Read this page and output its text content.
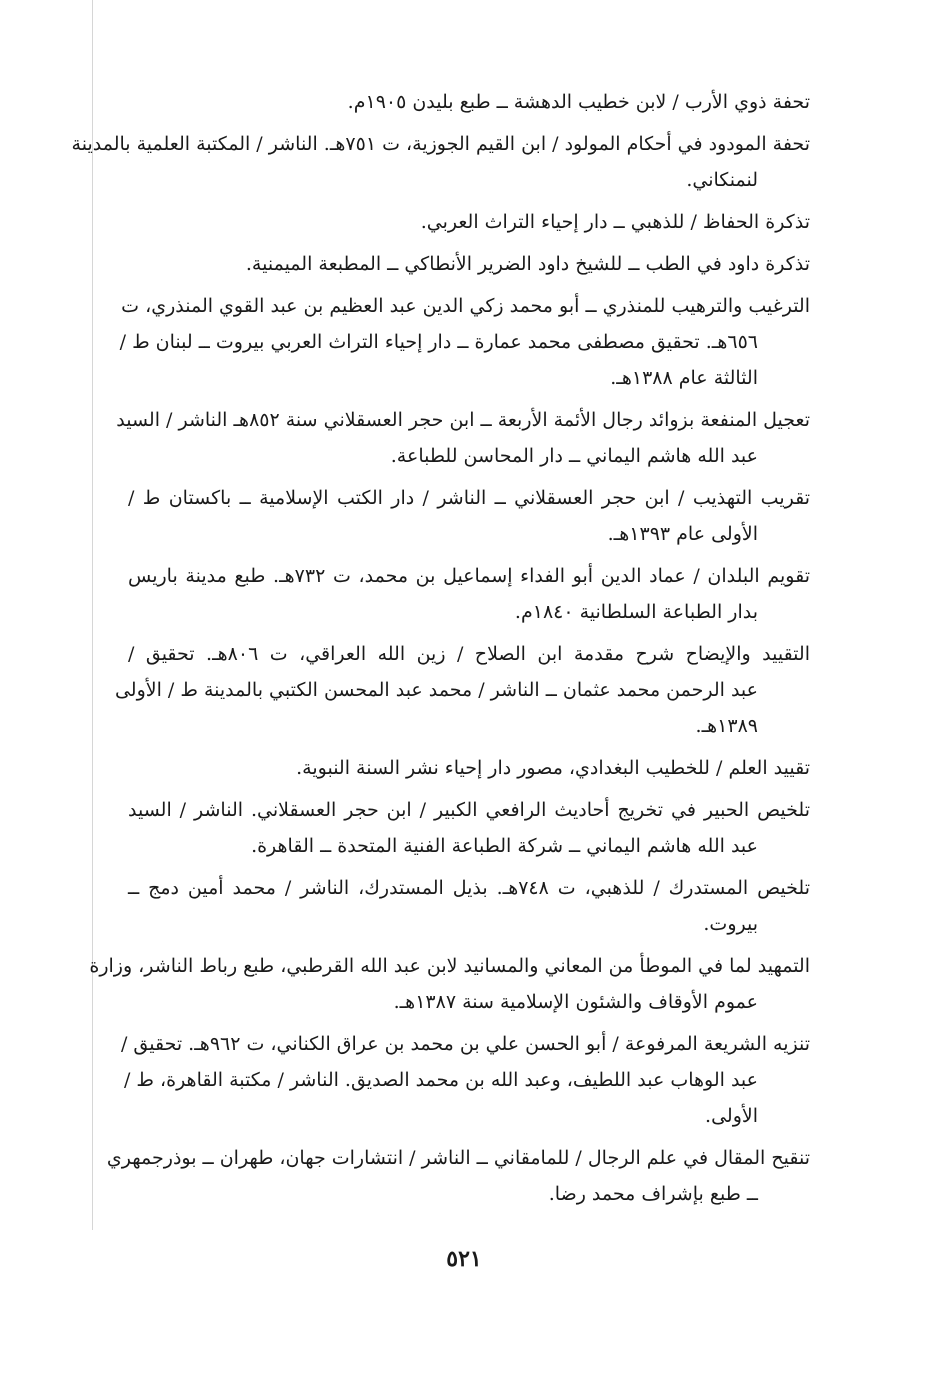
تحفة ذوي الأرب / لابن خطيب الدهشة ــ طبع بليدن ١٩٠٥م.
تحفة المودود في أحكام المولود / ابن القيم الجوزية، ت ٧٥١هـ. الناشر / المكتبة العلمية بالمدينة
لنمنكاني.
تذكرة الحفاظ / للذهبي ــ دار إحياء التراث العربي.
تذكرة داود في الطب ــ للشيخ داود الضرير الأنطاكي ــ المطبعة الميمنية.
الترغيب والترهيب للمنذري ــ أبو محمد زكي الدين عبد العظيم بن عبد القوي المنذري، ت
٦٥٦هـ. تحقيق مصطفى محمد عمارة ــ دار إحياء التراث العربي بيروت ــ لبنان ط /
الثالثة عام ١٣٨٨هـ.
تعجيل المنفعة بزوائد رجال الأئمة الأربعة ــ ابن حجر العسقلاني سنة ٨٥٢هـ الناشر / السيد
عبد الله هاشم اليماني ــ دار المحاسن للطباعة.
تقريب التهذيب / ابن حجر العسقلاني ــ الناشر / دار الكتب الإسلامية ــ باكستان ط /
الأولى عام ١٣٩٣هـ.
تقويم البلدان / عماد الدين أبو الفداء إسماعيل بن محمد، ت ٧٣٢هـ. طبع مدينة باريس
بدار الطباعة السلطانية ١٨٤٠م.
التقييد والإيضاح شرح مقدمة ابن الصلاح / زين الله العراقي، ت ٨٠٦هـ. تحقيق /
عبد الرحمن محمد عثمان ــ الناشر / محمد عبد المحسن الكتبي بالمدينة ط / الأولى
١٣٨٩هـ.
تقييد العلم / للخطيب البغدادي، مصور دار إحياء نشر السنة النبوية.
تلخيص الحبير في تخريج أحاديث الرافعي الكبير / ابن حجر العسقلاني. الناشر / السيد
عبد الله هاشم اليماني ــ شركة الطباعة الفنية المتحدة ــ القاهرة.
تلخيص المستدرك / للذهبي، ت ٧٤٨هـ. بذيل المستدرك، الناشر / محمد أمين دمج ــ
بيروت.
التمهيد لما في الموطأ من المعاني والمسانيد لابن عبد الله القرطبي، طبع رباط الناشر، وزارة
عموم الأوقاف والشئون الإسلامية سنة ١٣٨٧هـ.
تنزيه الشريعة المرفوعة / أبو الحسن علي بن محمد بن عراق الكناني، ت ٩٦٢هـ. تحقيق /
عبد الوهاب عبد اللطيف، وعبد الله بن محمد الصديق. الناشر / مكتبة القاهرة، ط /
الأولى.
تنقيح المقال في علم الرجال / للمامقاني ــ الناشر / انتشارات جهان، طهران ــ بوذرجمهري
ــ طبع بإشراف محمد رضا.
٥٢١
